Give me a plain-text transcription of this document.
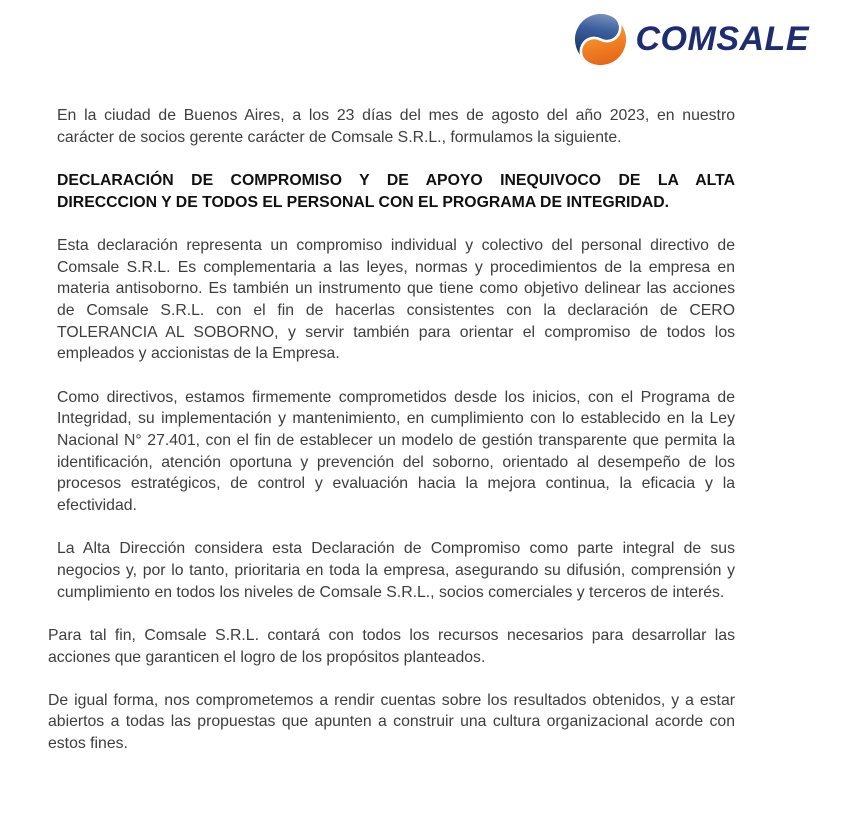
COMSALE

En la ciudad de Buenos Aires, a los 23 días del mes de agosto del año 2023, en nuestro carácter de socios gerente carácter de Comsale S.R.L., formulamos la siguiente.

DECLARACIÓN DE COMPROMISO Y DE APOYO INEQUIVOCO DE LA ALTA
DIRECCCION Y DE TODOS EL PERSONAL CON EL PROGRAMA DE INTEGRIDAD.

Esta declaración representa un compromiso individual y colectivo del personal directivo de Comsale S.R.L. Es complementaria a las leyes, normas y procedimientos de la empresa en materia antisoborno. Es también un instrumento que tiene como objetivo delinear las acciones de Comsale S.R.L. con el fin de hacerlas consistentes con la declaración de CERO TOLERANCIA AL SOBORNO, y servir también para orientar el compromiso de todos los empleados y accionistas de la Empresa.

Como directivos, estamos firmemente comprometidos desde los inicios, con el Programa de Integridad, su implementación y mantenimiento, en cumplimiento con lo establecido en la Ley Nacional N° 27.401, con el fin de establecer un modelo de gestión transparente que permita la identificación, atención oportuna y prevención del soborno, orientado al desempeño de los procesos estratégicos, de control y evaluación hacia la mejora continua, la eficacia y la efectividad.

La Alta Dirección considera esta Declaración de Compromiso como parte integral de sus negocios y, por lo tanto, prioritaria en toda la empresa, asegurando su difusión, comprensión y cumplimiento en todos los niveles de Comsale S.R.L., socios comerciales y terceros de interés.

Para tal fin, Comsale S.R.L. contará con todos los recursos necesarios para desarrollar las acciones que garanticen el logro de los propósitos planteados.

De igual forma, nos comprometemos a rendir cuentas sobre los resultados obtenidos, y a estar abiertos a todas las propuestas que apunten a construir una cultura organizacional acorde con estos fines.
